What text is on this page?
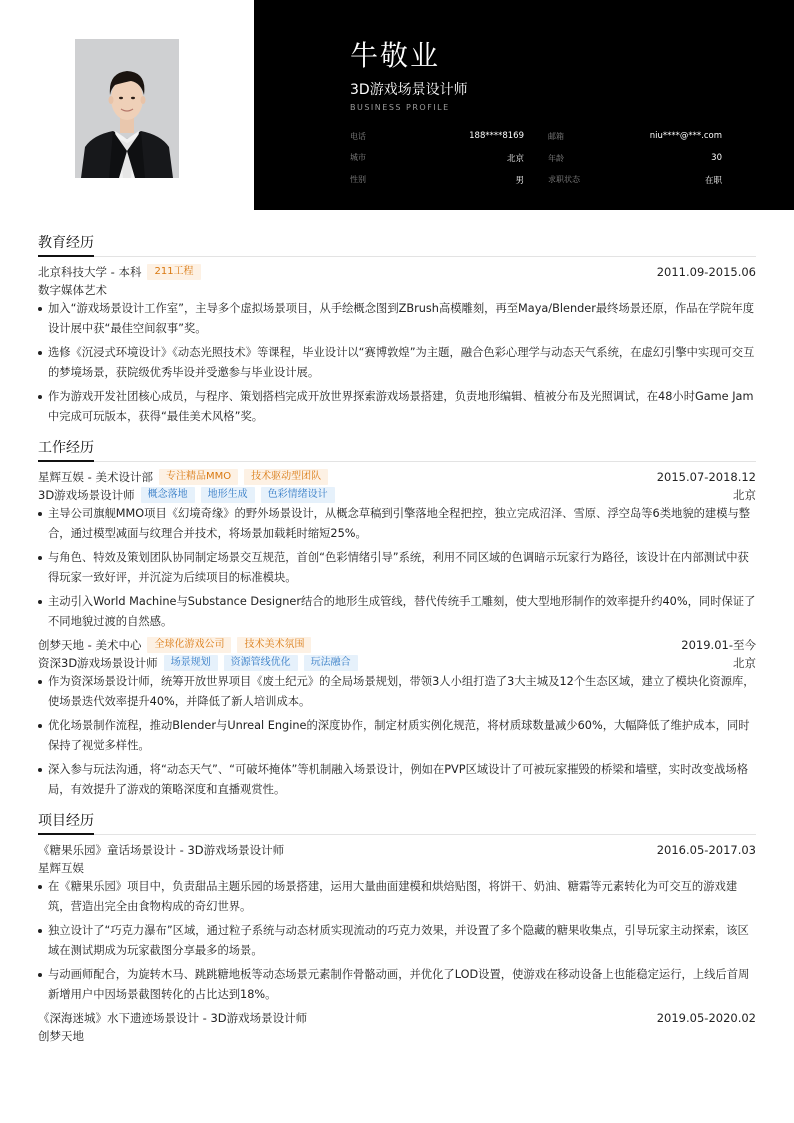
牛敬业
3D游戏场景设计师
BUSINESS PROFILE
电话	188****8169	邮箱	niu****@***.com
城市	北京	年龄	30
性别	男	求职状态	在职
教育经历
北京科技大学 - 本科	211工程	2011.09-2015.06
数字媒体艺术
加入“游戏场景设计工作室”，主导多个虚拟场景项目，从手绘概念图到ZBrush高模雕刻，再至Maya/Blender最终场景还原，作品在学院年度设计展中获“最佳空间叙事”奖。
选修《沉浸式环境设计》《动态光照技术》等课程，毕业设计以“赛博敦煌”为主题，融合色彩心理学与动态天气系统，在虚幻引擎中实现可交互的梦境场景，获院级优秀毕设并受邀参与毕业设计展。
作为游戏开发社团核心成员，与程序、策划搭档完成开放世界探索游戏场景搭建，负责地形编辑、植被分布及光照调试，在48小时Game Jam中完成可玩版本，获得“最佳美术风格”奖。
工作经历
星辉互娱 - 美术设计部	专注精品MMO	技术驱动型团队	2015.07-2018.12
3D游戏场景设计师	概念落地	地形生成	色彩情绪设计	北京
主导公司旗舰MMO项目《幻境奇缘》的野外场景设计，从概念草稿到引擎落地全程把控，独立完成沼泽、雪原、浮空岛等6类地貌的建模与整合，通过模型减面与纹理合并技术，将场景加载耗时缩短25%。
与角色、特效及策划团队协同制定场景交互规范，首创“色彩情绪引导”系统，利用不同区域的色调暗示玩家行为路径，该设计在内部测试中获得玩家一致好评，并沉淀为后续项目的标准模块。
主动引入World Machine与Substance Designer结合的地形生成管线，替代传统手工雕刻，使大型地形制作的效率提升约40%，同时保证了不同地貌过渡的自然感。
创梦天地 - 美术中心	全球化游戏公司	技术美术氛围	2019.01-至今
资深3D游戏场景设计师	场景规划	资源管线优化	玩法融合	北京
作为资深场景设计师，统筹开放世界项目《废土纪元》的全局场景规划，带领3人小组打造了3大主城及12个生态区域，建立了模块化资源库，使场景迭代效率提升40%，并降低了新人培训成本。
优化场景制作流程，推动Blender与Unreal Engine的深度协作，制定材质实例化规范，将材质球数量减少60%，大幅降低了维护成本，同时保持了视觉多样性。
深入参与玩法沟通，将“动态天气”、“可破坏掩体”等机制融入场景设计，例如在PVP区域设计了可被玩家摧毁的桥梁和墙壁，实时改变战场格局，有效提升了游戏的策略深度和直播观赏性。
项目经历
《糖果乐园》童话场景设计 - 3D游戏场景设计师	2016.05-2017.03
星辉互娱
在《糖果乐园》项目中，负责甜品主题乐园的场景搭建，运用大量曲面建模和烘焙贴图，将饼干、奶油、糖霜等元素转化为可交互的游戏建筑，营造出完全由食物构成的奇幻世界。
独立设计了“巧克力瀑布”区域，通过粒子系统与动态材质实现流动的巧克力效果，并设置了多个隐藏的糖果收集点，引导玩家主动探索，该区域在测试期成为玩家截图分享最多的场景。
与动画师配合，为旋转木马、跳跳糖地板等动态场景元素制作骨骼动画，并优化了LOD设置，使游戏在移动设备上也能稳定运行，上线后首周新增用户中因场景截图转化的占比达到18%。
《深海迷城》水下遗迹场景设计 - 3D游戏场景设计师	2019.05-2020.02
创梦天地
